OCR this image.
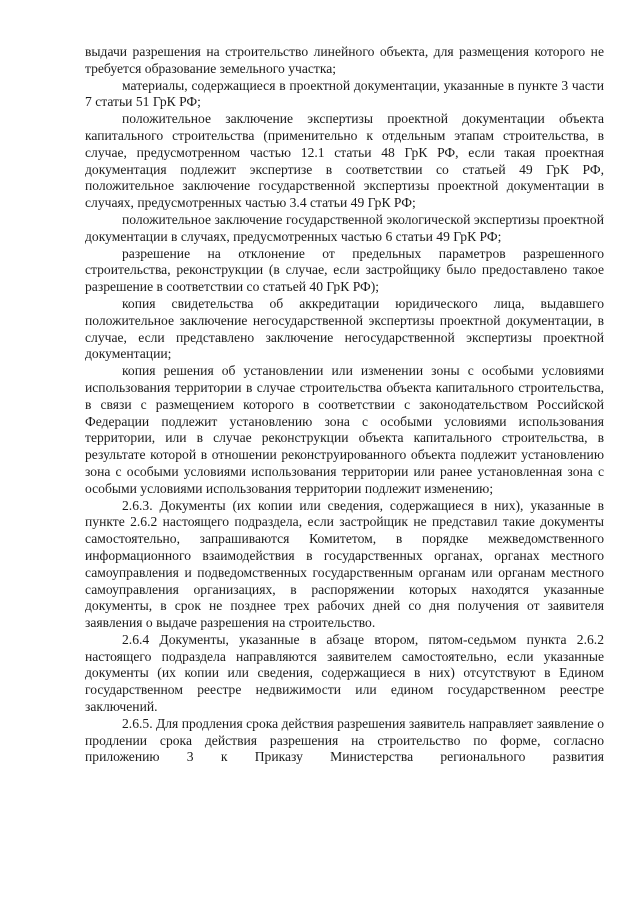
выдачи разрешения на строительство линейного объекта, для размещения которого не требуется образование земельного участка;

материалы, содержащиеся в проектной документации, указанные в пункте 3 части 7 статьи 51 ГрК РФ;

положительное заключение экспертизы проектной документации объекта капитального строительства (применительно к отдельным этапам строительства, в случае, предусмотренном частью 12.1 статьи 48 ГрК РФ, если такая проектная документация подлежит экспертизе в соответствии со статьей 49 ГрК РФ, положительное заключение государственной экспертизы проектной документации в случаях, предусмотренных частью 3.4 статьи 49 ГрК РФ;

положительное заключение государственной экологической экспертизы проектной документации в случаях, предусмотренных частью 6 статьи 49 ГрК РФ;

разрешение на отклонение от предельных параметров разрешенного строительства, реконструкции (в случае, если застройщику было предоставлено такое разрешение в соответствии со статьей 40 ГрК РФ);

копия свидетельства об аккредитации юридического лица, выдавшего положительное заключение негосударственной экспертизы проектной документации, в случае, если представлено заключение негосударственной экспертизы проектной документации;

копия решения об установлении или изменении зоны с особыми условиями использования территории в случае строительства объекта капитального строительства, в связи с размещением которого в соответствии с законодательством Российской Федерации подлежит установлению зона с особыми условиями использования территории, или в случае реконструкции объекта капитального строительства, в результате которой в отношении реконструированного объекта подлежит установлению зона с особыми условиями использования территории или ранее установленная зона с особыми условиями использования территории подлежит изменению;

2.6.3. Документы (их копии или сведения, содержащиеся в них), указанные в пункте 2.6.2 настоящего подраздела, если застройщик не представил такие документы самостоятельно, запрашиваются Комитетом, в порядке межведомственного информационного взаимодействия в государственных органах, органах местного самоуправления и подведомственных государственным органам или органам местного самоуправления организациях, в распоряжении которых находятся указанные документы, в срок не позднее трех рабочих дней со дня получения от заявителя заявления о выдаче разрешения на строительство.

2.6.4 Документы, указанные в абзаце втором, пятом-седьмом пункта 2.6.2 настоящего подраздела направляются заявителем самостоятельно, если указанные документы (их копии или сведения, содержащиеся в них) отсутствуют в Едином государственном реестре недвижимости или едином государственном реестре заключений.

2.6.5. Для продления срока действия разрешения заявитель направляет заявление о продлении срока действия разрешения на строительство по форме, согласно приложению 3 к Приказу Министерства регионального развития
